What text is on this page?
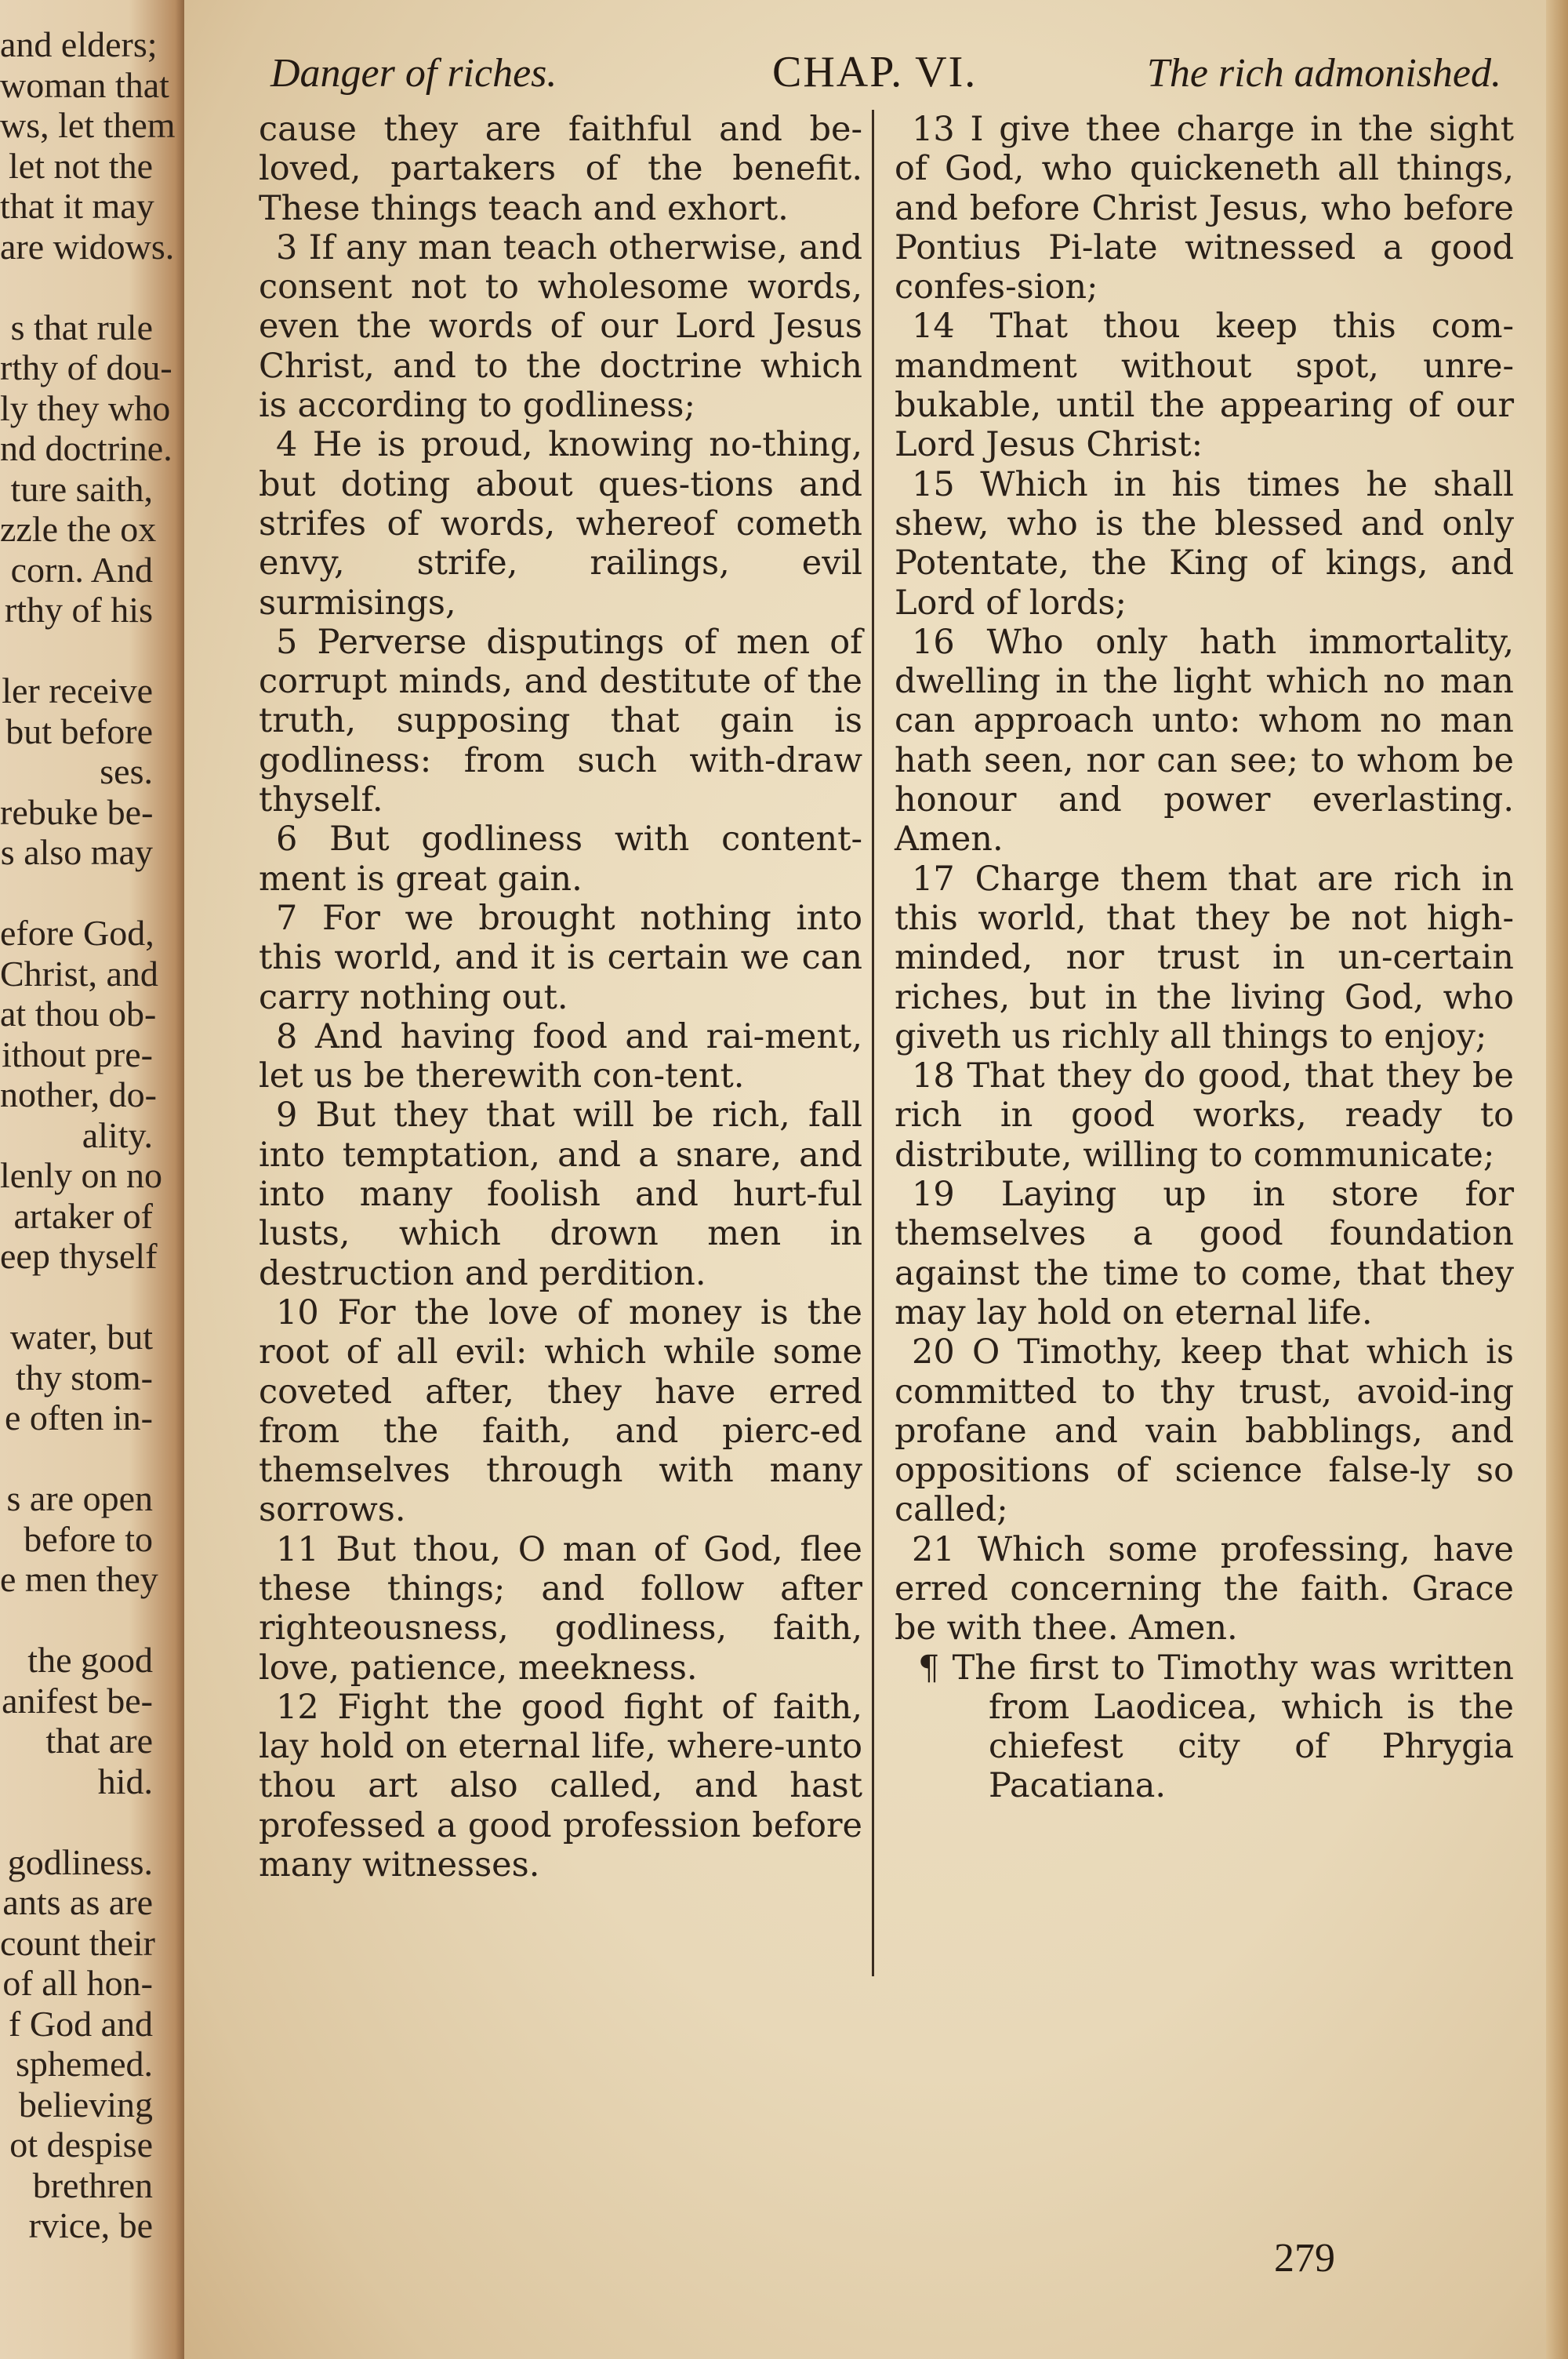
and elders;
woman that
ws, let them
let not the
that it may
are widows.
s that rule
rthy of dou-
ly they who
nd doctrine.
ture saith,
zzle the ox
corn. And
rthy of his
ler receive
but before
ses.
rebuke be-
s also may
efore God,
Christ, and
at thou ob-
ithout pre-
nother, do-
ality.
lenly on no
artaker of
eep thyself
water, but
thy stom-
e often in-
s are open
before to
e men they
the good
anifest be-
that are
hid.
godliness.
ants as are
count their
of all hon-
f God and
sphemed.
believing
ot despise
brethren
rvice, be
Danger of riches.	CHAP. VI.	The rich admonished.

cause they are faithful and be-loved, partakers of the benefit. These things teach and exhort.

3 If any man teach otherwise, and consent not to wholesome words, even the words of our Lord Jesus Christ, and to the doctrine which is according to godliness;

4 He is proud, knowing no-thing, but doting about ques-tions and strifes of words, whereof cometh envy, strife, railings, evil surmisings,

5 Perverse disputings of men of corrupt minds, and destitute of the truth, supposing that gain is godliness: from such with-draw thyself.

6 But godliness with content-ment is great gain.

7 For we brought nothing into this world, and it is certain we can carry nothing out.

8 And having food and rai-ment, let us be therewith con-tent.

9 But they that will be rich, fall into temptation, and a snare, and into many foolish and hurt-ful lusts, which drown men in destruction and perdition.

10 For the love of money is the root of all evil: which while some coveted after, they have erred from the faith, and pierc-ed themselves through with many sorrows.

11 But thou, O man of God, flee these things; and follow after righteousness, godliness, faith, love, patience, meekness.

12 Fight the good fight of faith, lay hold on eternal life, where-unto thou art also called, and hast professed a good profession before many witnesses.

13 I give thee charge in the sight of God, who quickeneth all things, and before Christ Jesus, who before Pontius Pi-late witnessed a good confes-sion;

14 That thou keep this com-mandment without spot, unre-bukable, until the appearing of our Lord Jesus Christ:

15 Which in his times he shall shew, who is the blessed and only Potentate, the King of kings, and Lord of lords;

16 Who only hath immortality, dwelling in the light which no man can approach unto: whom no man hath seen, nor can see; to whom be honour and power everlasting. Amen.

17 Charge them that are rich in this world, that they be not high-minded, nor trust in un-certain riches, but in the living God, who giveth us richly all things to enjoy;

18 That they do good, that they be rich in good works, ready to distribute, willing to communicate;

19 Laying up in store for themselves a good foundation against the time to come, that they may lay hold on eternal life.

20 O Timothy, keep that which is committed to thy trust, avoid-ing profane and vain babblings, and oppositions of science false-ly so called;

21 Which some professing, have erred concerning the faith. Grace be with thee. Amen.

¶ The first to Timothy was written from Laodicea, which is the chiefest city of Phrygia Pacatiana.

279
